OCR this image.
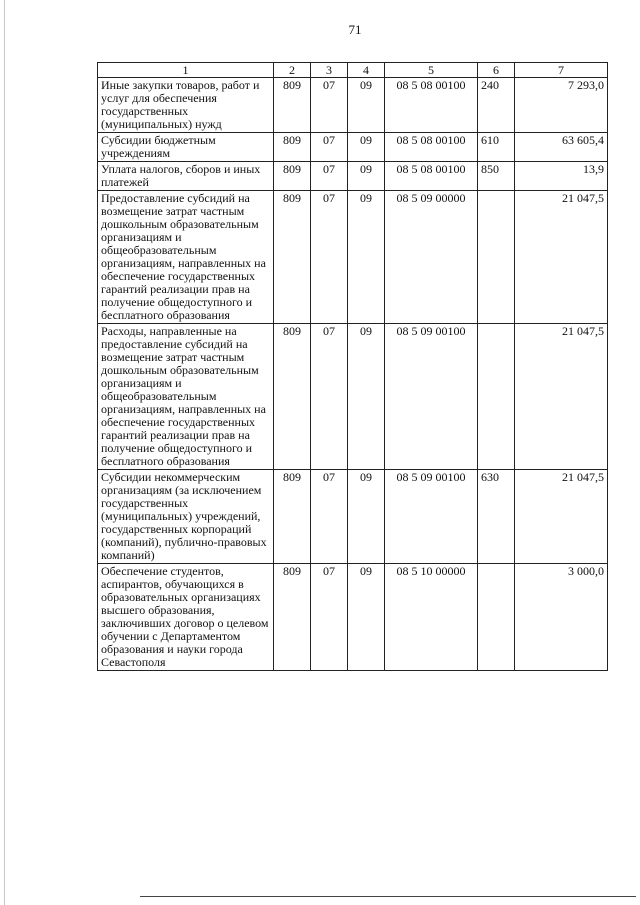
71
1	2	3	4	5	6	7
Иные закупки товаров, работ и услуг для обеспечения государственных (муниципальных) нужд	809	07	09	08 5 08 00100	240	7 293,0
Субсидии бюджетным учреждениям	809	07	09	08 5 08 00100	610	63 605,4
Уплата налогов, сборов и иных платежей	809	07	09	08 5 08 00100	850	13,9
Предоставление субсидий на возмещение затрат частным дошкольным образовательным организациям и общеобразовательным организациям, направленных на обеспечение государственных гарантий реализации прав на получение общедоступного и бесплатного образования	809	07	09	08 5 09 00000		21 047,5
Расходы, направленные на предоставление субсидий на возмещение затрат частным дошкольным образовательным организациям и общеобразовательным организациям, направленных на обеспечение государственных гарантий реализации прав на получение общедоступного и бесплатного образования	809	07	09	08 5 09 00100		21 047,5
Субсидии некоммерческим организациям (за исключением государственных (муниципальных) учреждений, государственных корпораций (компаний), публично-правовых компаний)	809	07	09	08 5 09 00100	630	21 047,5
Обеспечение студентов, аспирантов, обучающихся в образовательных организациях высшего образования, заключивших договор о целевом обучении с Департаментом образования и науки города Севастополя	809	07	09	08 5 10 00000		3 000,0
